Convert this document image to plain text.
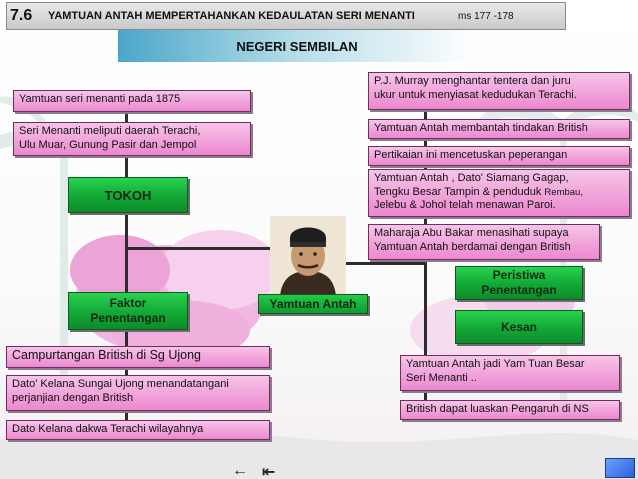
7.6	YAMTUAN ANTAH MEMPERTAHANKAN KEDAULATAN SERI MENANTI	ms 177 -178
NEGERI SEMBILAN
Yamtuan seri menanti pada 1875
Seri Menanti meliputi daerah Terachi,
Ulu Muar, Gunung Pasir dan Jempol
TOKOH
Yamtuan Antah
P.J. Murray menghantar tentera dan juru
ukur untuk menyiasat kedudukan Terachi.
Yamtuan Antah membantah tindakan British
Pertikaian ini mencetuskan peperangan
Yamtuan Antah , Dato' Siamang Gagap,
Tengku Besar Tampin & penduduk Rembau,
Jelebu & Johol telah menawan Paroi.
Maharaja Abu Bakar menasihati supaya
Yamtuan Antah berdamai dengan British
Peristiwa
Penentangan
Faktor
Penentangan
Kesan
Campurtangan British di Sg Ujong
Dato' Kelana Sungai Ujong menandatangani
perjanjian dengan British
Dato Kelana dakwa Terachi wilayahnya
Yamtuan Antah jadi Yam Tuan Besar
Seri Menanti ..
British dapat luaskan Pengaruh di NS
← ⇤
